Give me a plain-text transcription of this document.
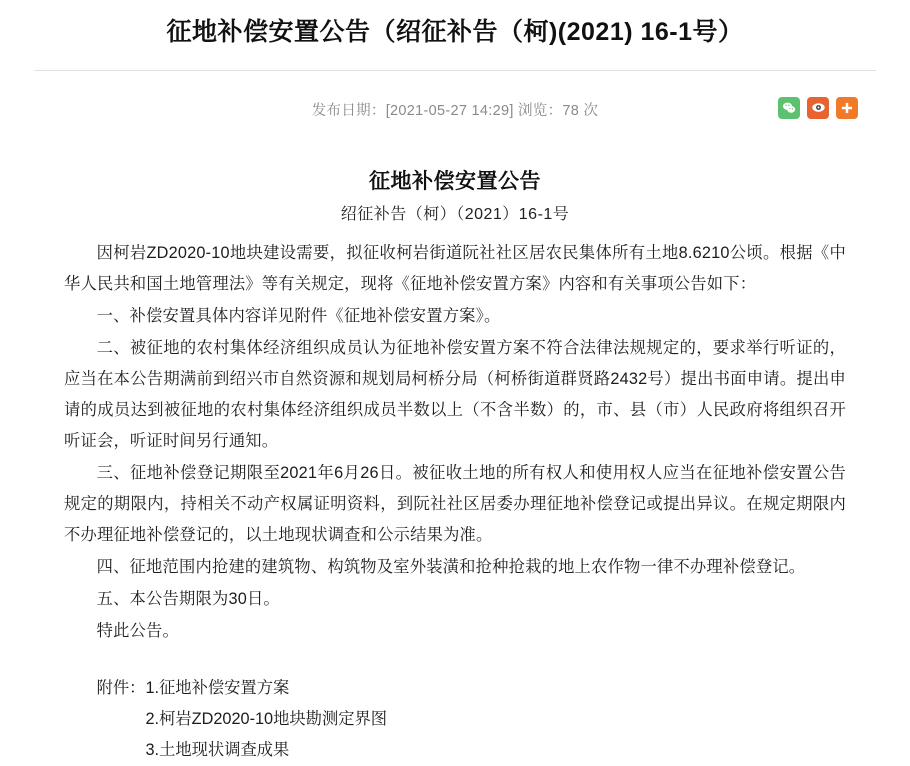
征地补偿安置公告（绍征补告（柯)(2021) 16-1号）
发布日期：[2021-05-27 14:29] 浏览：78 次
征地补偿安置公告
绍征补告（柯）（2021）16-1号

因柯岩ZD2020-10地块建设需要，拟征收柯岩街道阮社社区居农民集体所有土地8.6210公顷。根据《中华人民共和国土地管理法》等有关规定，现将《征地补偿安置方案》内容和有关事项公告如下：

一、补偿安置具体内容详见附件《征地补偿安置方案》。

二、被征地的农村集体经济组织成员认为征地补偿安置方案不符合法律法规规定的，要求举行听证的，应当在本公告期满前到绍兴市自然资源和规划局柯桥分局（柯桥街道群贤路2432号）提出书面申请。提出申请的成员达到被征地的农村集体经济组织成员半数以上（不含半数）的，市、县（市）人民政府将组织召开听证会，听证时间另行通知。

三、征地补偿登记期限至2021年6月26日。被征收土地的所有权人和使用权人应当在征地补偿安置公告规定的期限内，持相关不动产权属证明资料，到阮社社区居委办理征地补偿登记或提出异议。在规定期限内不办理征地补偿登记的，以土地现状调查和公示结果为准。

四、征地范围内抢建的建筑物、构筑物及室外装潢和抢种抢栽的地上农作物一律不办理补偿登记。

五、本公告期限为30日。

特此公告。

附件：1.征地补偿安置方案
2.柯岩ZD2020-10地块勘测定界图
3.土地现状调查成果
